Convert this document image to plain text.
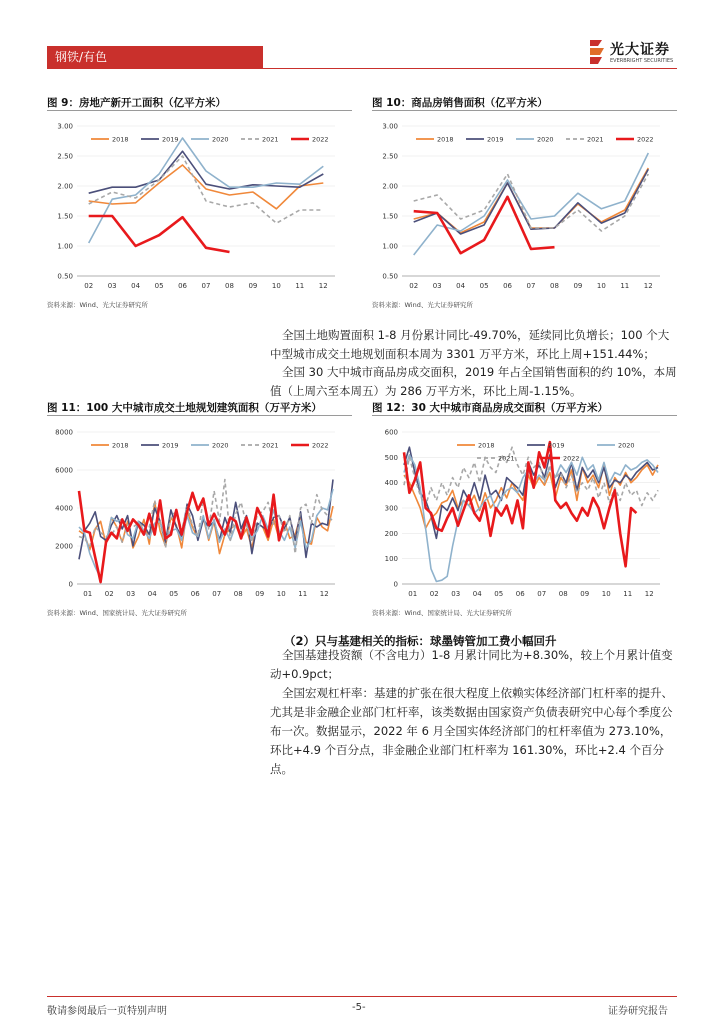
钢铁/有色	光大证券
EVERBRIGHT SECURITIES
图 9：房地产新开工面积（亿平方米）
0.50
1.00
1.50
2.00
2.50
3.00
02 03 04 05 06 07 08 09 10 11 12
2018	2019	2020	2021	2022
资料来源：Wind、光大证券研究所
图 10：商品房销售面积（亿平方米）
0.50
1.00
1.50
2.00
2.50
3.00
02 03 04 05 06 07 08 09 10 11 12
2018	2019	2020	2021	2022
资料来源：Wind、光大证券研究所
全国土地购置面积 1-8 月份累计同比-49.70%，延续同比负增长；100 个大中型城市成交土地规划面积本周为 3301 万平方米，环比上周+151.44%；
全国 30 大中城市商品房成交面积，2019 年占全国销售面积的约 10%，本周值（上周六至本周五）为 286 万平方米，环比上周-1.15%。
图 11：100 大中城市成交土地规划建筑面积（万平方米）
0
2000
4000
6000
8000
01 02 03 04 05 06 07 08 09 10 11 12
2018	2019	2020	2021	2022
资料来源：Wind、国家统计局、光大证券研究所
图 12：30 大中城市商品房成交面积（万平方米）
0
100
200
300
400
500
600
01 02 03 04 05 06 07 08 09 10 11 12
2018	2019	2020
2021	2022
资料来源：Wind、国家统计局、光大证券研究所
（2）只与基建相关的指标：球墨铸管加工费小幅回升
全国基建投资额（不含电力）1-8 月累计同比为+8.30%，较上个月累计值变动+0.9pct；
全国宏观杠杆率：基建的扩张在很大程度上依赖实体经济部门杠杆率的提升、尤其是非金融企业部门杠杆率，该类数据由国家资产负债表研究中心每个季度公布一次。数据显示，2022 年 6 月全国实体经济部门的杠杆率值为 273.10%，环比+4.9 个百分点，非金融企业部门杠杆率为 161.30%，环比+2.4 个百分点。
敬请参阅最后一页特别声明	-5-	证券研究报告
